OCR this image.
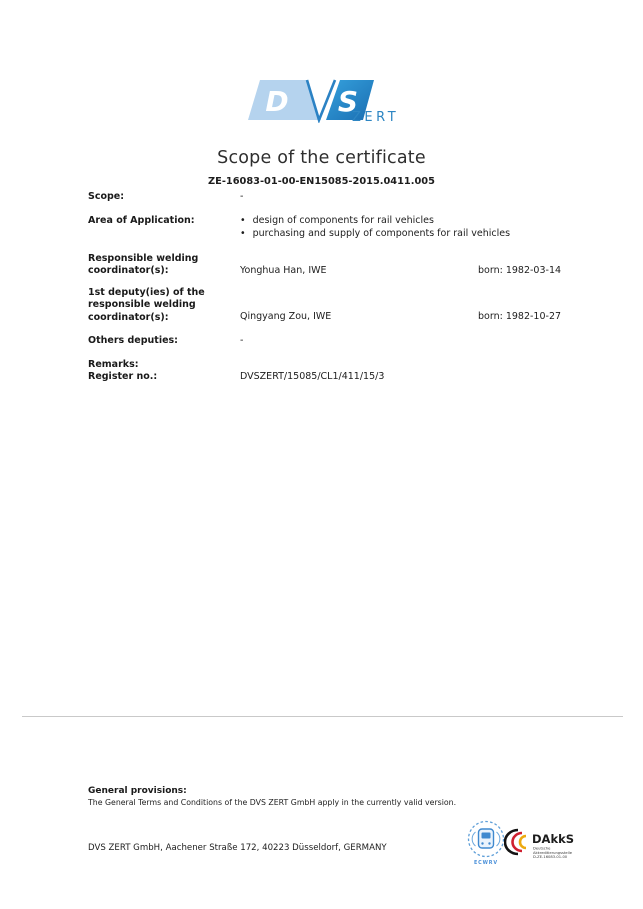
D S
ZERT
Scope of the certificate
ZE-16083-01-00-EN15085-2015.0411.005
Scope:	-
Area of Application:	• design of components for rail vehicles
• purchasing and supply of components for rail vehicles
Responsible welding
coordinator(s):	Yonghua Han, IWE	born: 1982-03-14
1st deputy(ies) of the
responsible welding
coordinator(s):	Qingyang Zou, IWE	born: 1982-10-27
Others deputies:	-
Remarks:
Register no.:	DVSZERT/15085/CL1/411/15/3
General provisions:
The General Terms and Conditions of the DVS ZERT GmbH apply in the currently valid version.
DVS ZERT GmbH, Aachener Straße 172, 40223 Düsseldorf, GERMANY
ECWRV
DAkkS
Deutsche
Akkreditierungsstelle
D-ZE-16083-01-00
